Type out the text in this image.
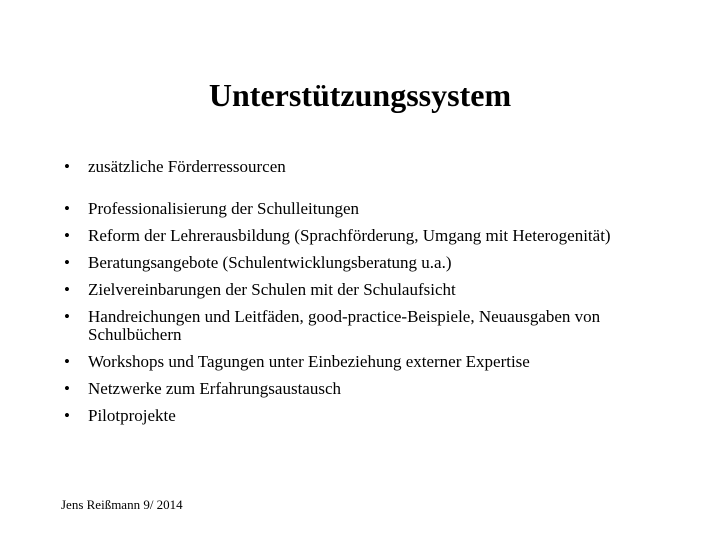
Unterstützungssystem
• zusätzliche Förderressourcen
• Professionalisierung der Schulleitungen
• Reform der Lehrerausbildung (Sprachförderung, Umgang mit Heterogenität)
• Beratungsangebote (Schulentwicklungsberatung u.a.)
• Zielvereinbarungen der Schulen mit der Schulaufsicht
• Handreichungen und Leitfäden, good-practice-Beispiele, Neuausgaben von Schulbüchern
• Workshops und Tagungen unter Einbeziehung externer Expertise
• Netzwerke zum Erfahrungsaustausch
• Pilotprojekte
Jens Reißmann 9/ 2014
